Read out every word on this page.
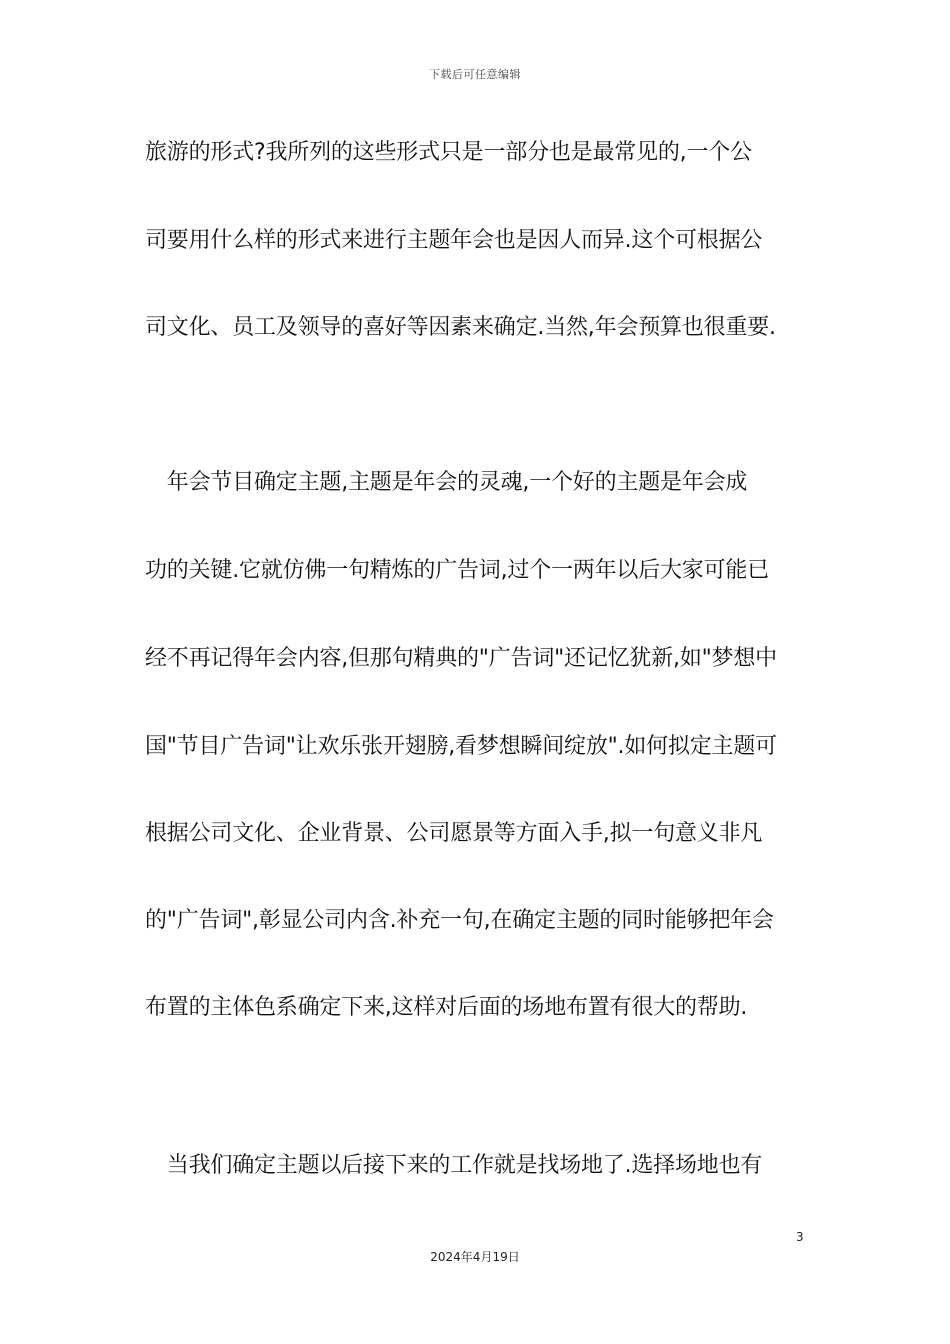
下载后可任意编辑
旅游的形式?我所列的这些形式只是一部分也是最常见的,一个公
司要用什么样的形式来进行主题年会也是因人而异.这个可根据公
司文化、员工及领导的喜好等因素来确定.当然,年会预算也很重要.
　年会节目确定主题,主题是年会的灵魂,一个好的主题是年会成
功的关键.它就仿佛一句精炼的广告词,过个一两年以后大家可能已
经不再记得年会内容,但那句精典的"广告词"还记忆犹新,如"梦想中
国"节目广告词"让欢乐张开翅膀,看梦想瞬间绽放".如何拟定主题可
根据公司文化、企业背景、公司愿景等方面入手,拟一句意义非凡
的"广告词",彰显公司内含.补充一句,在确定主题的同时能够把年会
布置的主体色系确定下来,这样对后面的场地布置有很大的帮助.
　当我们确定主题以后接下来的工作就是找场地了.选择场地也有
3
2024年4月19日
